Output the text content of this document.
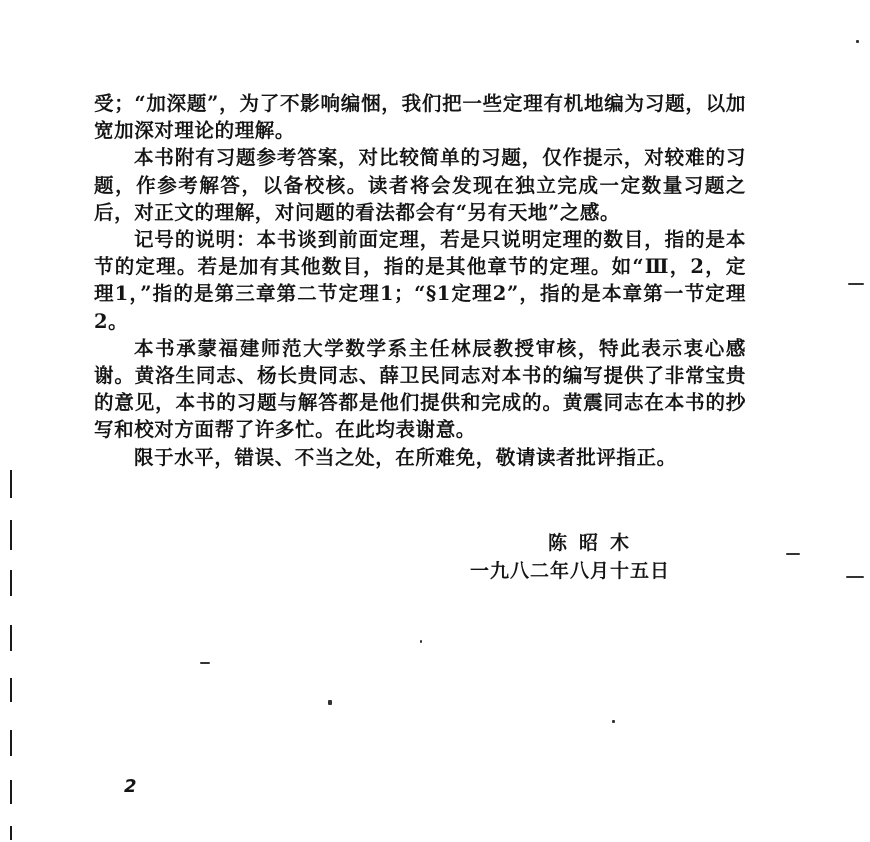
受；“加深题”，为了不影响编悃，我们把一些定理有机地编为习题，以加宽加深对理论的理解。

本书附有习题参考答案，对比较简单的习题，仅作提示，对较难的习题，作参考解答，以备校核。读者将会发现在独立完成一定数量习题之后，对正文的理解，对问题的看法都会有“另有天地”之感。

记号的说明：本书谈到前面定理，若是只说明定理的数目，指的是本节的定理。若是加有其他数目，指的是其他章节的定理。如“Ⅲ，2，定理1，”指的是第三章第二节定理1；“§1定理2”，指的是本章第一节定理2。

本书承蒙福建师范大学数学系主任林辰教授审核，特此表示衷心感谢。黄洛生同志、杨长贵同志、薛卫民同志对本书的编写提供了非常宝贵的意见，本书的习题与解答都是他们提供和完成的。黄震同志在本书的抄写和校对方面帮了许多忙。在此均表谢意。

限于水平，错误、不当之处，在所难免，敬请读者批评指正。

陈昭木
一九八二年八月十五日
2
